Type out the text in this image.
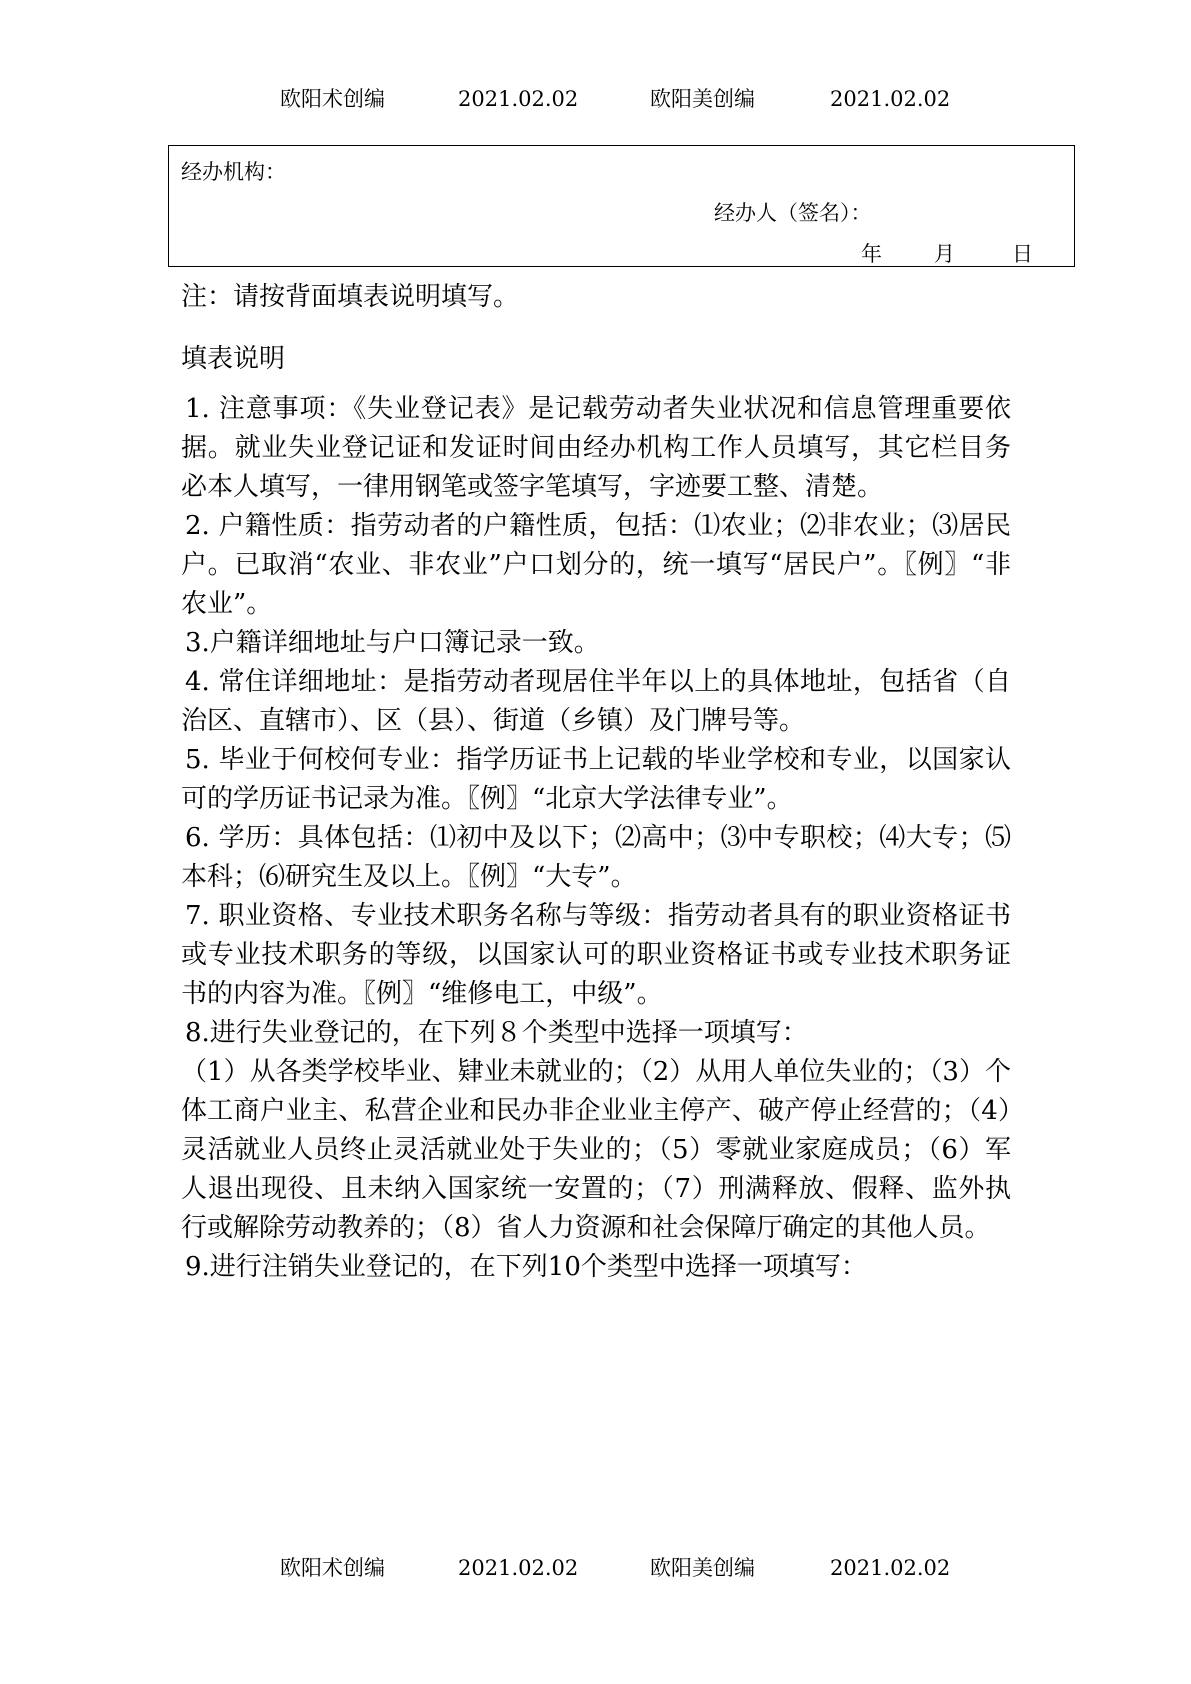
欧阳术创编	2021.02.02	欧阳美创编	2021.02.02
经办机构：
经办人（签名）：
年 月	日
注：请按背面填表说明填写。
填表说明

1. 注意事项：《失业登记表》是记载劳动者失业状况和信息管理重要依据。就业失业登记证和发证时间由经办机构工作人员填写，其它栏目务必本人填写，一律用钢笔或签字笔填写，字迹要工整、清楚。

2. 户籍性质：指劳动者的户籍性质，包括：⑴农业；⑵非农业；⑶居民户。已取消“农业、非农业”户口划分的，统一填写“居民户”。〖例〗“非农业”。

3.户籍详细地址与户口簿记录一致。

4. 常住详细地址：是指劳动者现居住半年以上的具体地址，包括省（自治区、直辖市）、区（县）、街道（乡镇）及门牌号等。

5. 毕业于何校何专业：指学历证书上记载的毕业学校和专业，以国家认可的学历证书记录为准。〖例〗“北京大学法律专业”。

6. 学历：具体包括：⑴初中及以下；⑵高中；⑶中专职校；⑷大专；⑸本科；⑹研究生及以上。〖例〗“大专”。

7. 职业资格、专业技术职务名称与等级：指劳动者具有的职业资格证书或专业技术职务的等级，以国家认可的职业资格证书或专业技术职务证书的内容为准。〖例〗“维修电工，中级”。

8.进行失业登记的，在下列８个类型中选择一项填写：

（1）从各类学校毕业、肄业未就业的；（2）从用人单位失业的；（3）个体工商户业主、私营企业和民办非企业业主停产、破产停止经营的；（4）灵活就业人员终止灵活就业处于失业的；（5）零就业家庭成员；（6）军人退出现役、且未纳入国家统一安置的；（7）刑满释放、假释、监外执行或解除劳动教养的；（8）省人力资源和社会保障厅确定的其他人员。

9.进行注销失业登记的，在下列10个类型中选择一项填写：

欧阳术创编	2021.02.02	欧阳美创编	2021.02.02
